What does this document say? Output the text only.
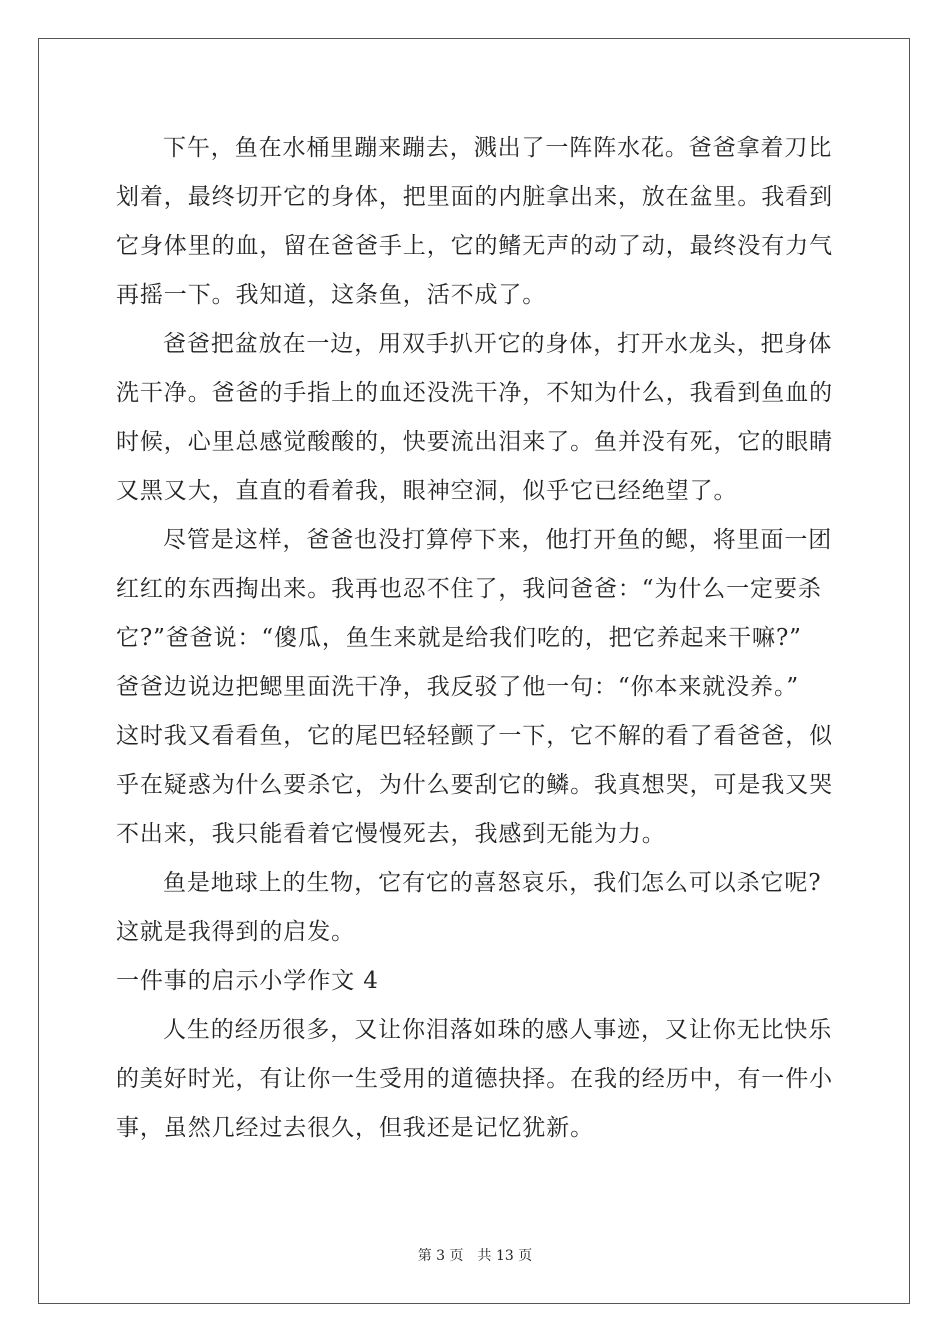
下午，鱼在水桶里蹦来蹦去，溅出了一阵阵水花。爸爸拿着刀比
划着，最终切开它的身体，把里面的内脏拿出来，放在盆里。我看到
它身体里的血，留在爸爸手上，它的鳍无声的动了动，最终没有力气
再摇一下。我知道，这条鱼，活不成了。

爸爸把盆放在一边，用双手扒开它的身体，打开水龙头，把身体
洗干净。爸爸的手指上的血还没洗干净，不知为什么，我看到鱼血的
时候，心里总感觉酸酸的，快要流出泪来了。鱼并没有死，它的眼睛
又黑又大，直直的看着我，眼神空洞，似乎它已经绝望了。

尽管是这样，爸爸也没打算停下来，他打开鱼的鳃，将里面一团
红红的东西掏出来。我再也忍不住了，我问爸爸：“为什么一定要杀
它?”爸爸说：“傻瓜，鱼生来就是给我们吃的，把它养起来干嘛?”
爸爸边说边把鳃里面洗干净，我反驳了他一句：“你本来就没养。”
这时我又看看鱼，它的尾巴轻轻颤了一下，它不解的看了看爸爸，似
乎在疑惑为什么要杀它，为什么要刮它的鳞。我真想哭，可是我又哭
不出来，我只能看着它慢慢死去，我感到无能为力。

鱼是地球上的生物，它有它的喜怒哀乐，我们怎么可以杀它呢?
这就是我得到的启发。

一件事的启示小学作文 4

人生的经历很多，又让你泪落如珠的感人事迹，又让你无比快乐
的美好时光，有让你一生受用的道德抉择。在我的经历中，有一件小
事，虽然几经过去很久，但我还是记忆犹新。

第 3 页 共 13 页
